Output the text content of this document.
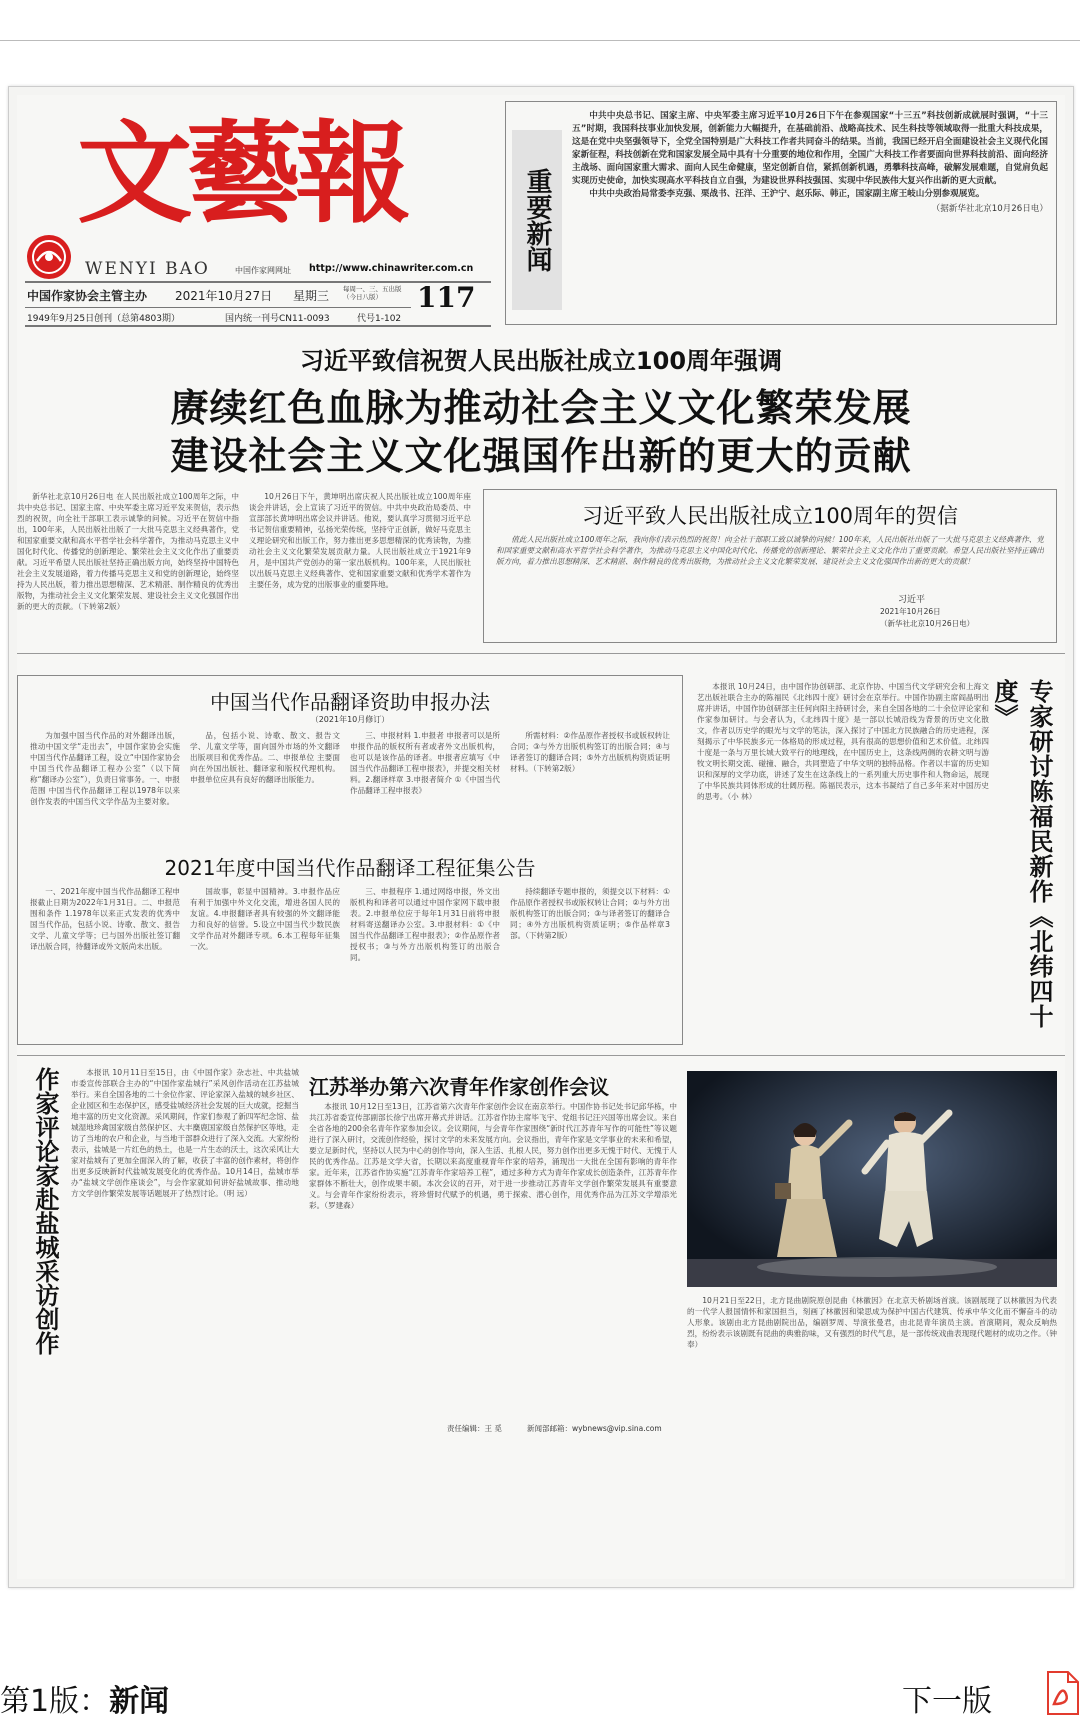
文藝報
WENYI BAO	中国作家网网址 http://www.chinawriter.com.cn
中国作家协会主管主办 2021年10月27日 星期三 每周一、三、五出版（今日八版）	117
1949年9月25日创刊（总第4803期）	国内统一刊号CN11-0093	代号1-102
重要新闻

中共中央总书记、国家主席、中央军委主席习近平10月26日下午在参观国家“十三五”科技创新成就展时强调，“十三五”时期，我国科技事业加快发展，创新能力大幅提升，在基础前沿、战略高技术、民生科技等领域取得一批重大科技成果，这是在党中央坚强领导下，全党全国特别是广大科技工作者共同奋斗的结果。当前，我国已经开启全面建设社会主义现代化国家新征程，科技创新在党和国家发展全局中具有十分重要的地位和作用，全国广大科技工作者要面向世界科技前沿、面向经济主战场、面向国家重大需求、面向人民生命健康，坚定创新自信，紧抓创新机遇，勇攀科技高峰，破解发展难题，自觉肩负起实现历史使命，加快实现高水平科技自立自强，为建设世界科技强国、实现中华民族伟大复兴作出新的更大贡献。

中共中央政治局常委李克强、栗战书、汪洋、王沪宁、赵乐际、韩正，国家副主席王岐山分别参观展览。

（据新华社北京10月26日电）
习近平致信祝贺人民出版社成立100周年强调
赓续红色血脉为推动社会主义文化繁荣发展
建设社会主义文化强国作出新的更大的贡献

新华社北京10月26日电 在人民出版社成立100周年之际，中共中央总书记、国家主席、中央军委主席习近平发来贺信，表示热烈的祝贺，向全社干部职工表示诚挚的问候。习近平在贺信中指出，100年来，人民出版社出版了一大批马克思主义经典著作，党和国家重要文献和高水平哲学社会科学著作，为推动马克思主义中国化时代化、传播党的创新理论、繁荣社会主义文化作出了重要贡献。习近平希望人民出版社坚持正确出版方向，始终坚持中国特色社会主义发展道路，着力传播马克思主义和党的创新理论，始终坚持为人民出版，着力推出思想精深、艺术精湛、制作精良的优秀出版物，为推动社会主义文化繁荣发展、建设社会主义文化强国作出新的更大的贡献。（下转第2版）

10月26日下午，黄坤明出席庆祝人民出版社成立100周年座谈会并讲话，会上宣读了习近平的贺信。中共中央政治局委员、中宣部部长黄坤明出席会议并讲话。他说，要认真学习贯彻习近平总书记贺信重要精神，弘扬光荣传统，坚持守正创新，做好马克思主义理论研究和出版工作，努力推出更多思想精深的优秀读物，为推动社会主义文化繁荣发展贡献力量。人民出版社成立于1921年9月，是中国共产党创办的第一家出版机构。100年来，人民出版社以出版马克思主义经典著作、党和国家重要文献和优秀学术著作为主要任务，成为党的出版事业的重要阵地。

习近平致人民出版社成立100周年的贺信

值此人民出版社成立100周年之际，我向你们表示热烈的祝贺！向全社干部职工致以诚挚的问候！100年来，人民出版社出版了一大批马克思主义经典著作、党和国家重要文献和高水平哲学社会科学著作，为推动马克思主义中国化时代化、传播党的创新理论、繁荣社会主义文化作出了重要贡献。希望人民出版社坚持正确出版方向，着力推出思想精深、艺术精湛、制作精良的优秀出版物，为推动社会主义文化繁荣发展、建设社会主义文化强国作出新的更大的贡献！

习近平
2021年10月26日
（新华社北京10月26日电）
中国当代作品翻译资助申报办法
（2021年10月修订）

为加强中国当代作品的对外翻译出版，推动中国文学“走出去”，中国作家协会实施中国当代作品翻译工程，设立“中国作家协会中国当代作品翻译工程办公室”（以下简称“翻译办公室”），负责日常事务。一、申报范围 中国当代作品翻译工程以1978年以来创作发表的中国当代文学作品为主要对象。

品，包括小说、诗歌、散文、报告文学、儿童文学等，面向国外市场的外文翻译出版项目和优秀作品。二、申报单位 主要面向在外国出版社、翻译家和版权代理机构。申报单位应具有良好的翻译出版能力。

三、申报材料 1.申报者 申报者可以是所申报作品的版权所有者或者外文出版机构，也可以是该作品的译者。申报者应填写《中国当代作品翻译工程申报表》，并提交相关材料。2.翻译样章 3.申报者简介 ①《中国当代作品翻译工程申报表》

所需材料：②作品原作者授权书或版权转让合同；③与外方出版机构签订的出版合同；④与译者签订的翻译合同；⑤外方出版机构资质证明材料。（下转第2版）

2021年度中国当代作品翻译工程征集公告

一、2021年度中国当代作品翻译工程申报截止日期为2022年1月31日。二、申报范围和条件 1.1978年以来正式发表的优秀中国当代作品，包括小说、诗歌、散文、报告文学、儿童文学等；已与国外出版社签订翻译出版合同，待翻译或外文版尚未出版。

国故事，彰显中国精神。3.申报作品应有利于加强中外文化交流，增进各国人民的友谊。4.申报翻译者具有较强的外文翻译能力和良好的信誉。5.设立中国当代少数民族文学作品对外翻译专项。6.本工程每年征集一次。

三、申报程序 1.通过网络申报，外文出版机构和译者可以通过中国作家网下载申报表。2.申报单位应于每年1月31日前将申报材料寄送翻译办公室。3.申报材料：①《中国当代作品翻译工程申报表》；②作品原作者授权书；③与外方出版机构签订的出版合同。

持续翻译专题申报的，须提交以下材料：①作品原作者授权书或版权转让合同；②与外方出版机构签订的出版合同；③与译者签订的翻译合同；④外方出版机构资质证明；⑤作品样章3部。（下转第2版）

本报讯 10月24日，由中国作协创研部、北京作协、中国当代文学研究会和上海文艺出版社联合主办的陈福民《北纬四十度》研讨会在京举行。中国作协副主席阎晶明出席并讲话，中国作协创研部主任何向阳主持研讨会，来自全国各地的二十余位评论家和作家参加研讨。与会者认为，《北纬四十度》是一部以长城沿线为背景的历史文化散文，作者以历史学的眼光与文学的笔法，深入探讨了中国北方民族融合的历史进程，深刻揭示了中华民族多元一体格局的形成过程，具有很高的思想价值和艺术价值。北纬四十度是一条与万里长城大致平行的地理线，在中国历史上，这条线两侧的农耕文明与游牧文明长期交流、碰撞、融合，共同塑造了中华文明的独特品格。作者以丰富的历史知识和深厚的文学功底，讲述了发生在这条线上的一系列重大历史事件和人物命运，展现了中华民族共同体形成的壮阔历程。陈福民表示，这本书凝结了自己多年来对中国历史的思考。（小 林）	专家研讨陈福民新作《北纬四十度》
作家评论家赴盐城采访创作	本报讯 10月11日至15日，由《中国作家》杂志社、中共盐城市委宣传部联合主办的“中国作家盐城行”采风创作活动在江苏盐城举行。来自全国各地的二十余位作家、评论家深入盐城的城乡社区、企业园区和生态保护区，感受盐城经济社会发展的巨大成就，挖掘当地丰富的历史文化资源。采风期间，作家们参观了新四军纪念馆、盐城湿地珍禽国家级自然保护区、大丰麋鹿国家级自然保护区等地，走访了当地的农户和企业，与当地干部群众进行了深入交流。大家纷纷表示，盐城是一片红色的热土，也是一片生态的沃土，这次采风让大家对盐城有了更加全面深入的了解，收获了丰富的创作素材，将创作出更多反映新时代盐城发展变化的优秀作品。10月14日，盐城市举办“盐城文学创作座谈会”，与会作家就如何讲好盐城故事、推动地方文学创作繁荣发展等话题展开了热烈讨论。（明 远）

江苏举办第六次青年作家创作会议

本报讯 10月12日至13日，江苏省第六次青年作家创作会议在南京举行。中国作协书记处书记邱华栋，中共江苏省委宣传部副部长徐宁出席开幕式并讲话。江苏省作协主席毕飞宇、党组书记汪兴国等出席会议。来自全省各地的200余名青年作家参加会议。会议期间，与会青年作家围绕“新时代江苏青年写作的可能性”等议题进行了深入研讨，交流创作经验，探讨文学的未来发展方向。会议指出，青年作家是文学事业的未来和希望，要立足新时代，坚持以人民为中心的创作导向，深入生活、扎根人民，努力创作出更多无愧于时代、无愧于人民的优秀作品。江苏是文学大省，长期以来高度重视青年作家的培养，涌现出一大批在全国有影响的青年作家。近年来，江苏省作协实施“江苏青年作家培养工程”，通过多种方式为青年作家成长创造条件，江苏青年作家群体不断壮大，创作成果丰硕。本次会议的召开，对于进一步推动江苏青年文学创作繁荣发展具有重要意义。与会青年作家纷纷表示，将珍惜时代赋予的机遇，勇于探索、潜心创作，用优秀作品为江苏文学增添光彩。（罗建森）

10月21日至22日，北方昆曲剧院原创昆曲《林徽因》在北京天桥剧场首演。该剧展现了以林徽因为代表的一代学人报国情怀和家国担当，刻画了林徽因和梁思成为保护中国古代建筑、传承中华文化而不懈奋斗的动人形象。该剧由北方昆曲剧院出品，编剧罗周、导演张曼君，由北昆青年演员主演。首演期间，观众反响热烈，纷纷表示该剧既有昆曲的典雅韵味，又有强烈的时代气息，是一部传统戏曲表现现代题材的成功之作。（钟 奉）

责任编辑：王 觅	新闻部邮箱：wybnews@vip.sina.com
第1版：新闻	下一版
